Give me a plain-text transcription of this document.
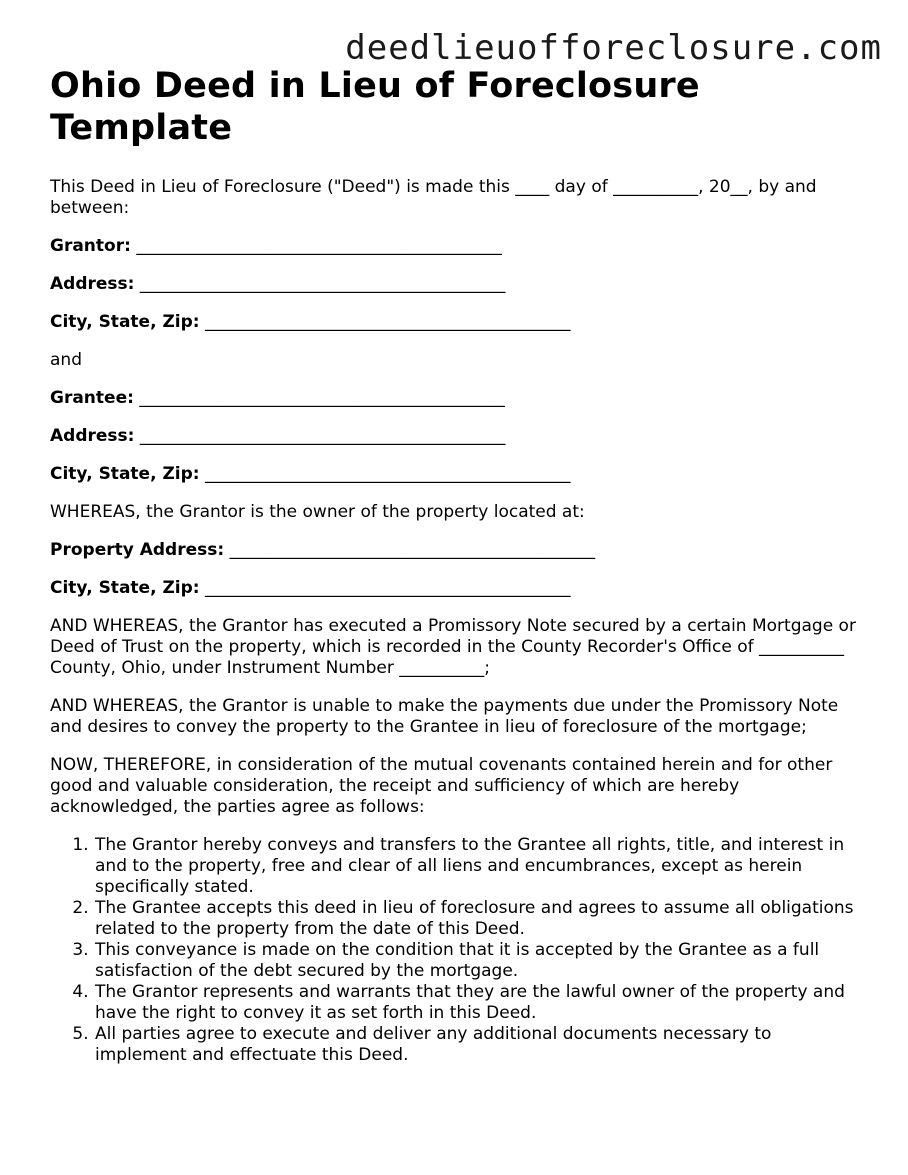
deedlieuofforeclosure.com
Ohio Deed in Lieu of Foreclosure Template

This Deed in Lieu of Foreclosure ("Deed") is made this ____ day of __________, 20__, by and between:

Grantor: ___________________________________________

Address: ___________________________________________

City, State, Zip: ___________________________________________

and

Grantee: ___________________________________________

Address: ___________________________________________

City, State, Zip: ___________________________________________

WHEREAS, the Grantor is the owner of the property located at:

Property Address: ___________________________________________

City, State, Zip: ___________________________________________

AND WHEREAS, the Grantor has executed a Promissory Note secured by a certain Mortgage or Deed of Trust on the property, which is recorded in the County Recorder's Office of __________ County, Ohio, under Instrument Number __________;

AND WHEREAS, the Grantor is unable to make the payments due under the Promissory Note and desires to convey the property to the Grantee in lieu of foreclosure of the mortgage;

NOW, THEREFORE, in consideration of the mutual covenants contained herein and for other good and valuable consideration, the receipt and sufficiency of which are hereby acknowledged, the parties agree as follows:

1. The Grantor hereby conveys and transfers to the Grantee all rights, title, and interest in and to the property, free and clear of all liens and encumbrances, except as herein specifically stated.
2. The Grantee accepts this deed in lieu of foreclosure and agrees to assume all obligations related to the property from the date of this Deed.
3. This conveyance is made on the condition that it is accepted by the Grantee as a full satisfaction of the debt secured by the mortgage.
4. The Grantor represents and warrants that they are the lawful owner of the property and have the right to convey it as set forth in this Deed.
5. All parties agree to execute and deliver any additional documents necessary to implement and effectuate this Deed.
